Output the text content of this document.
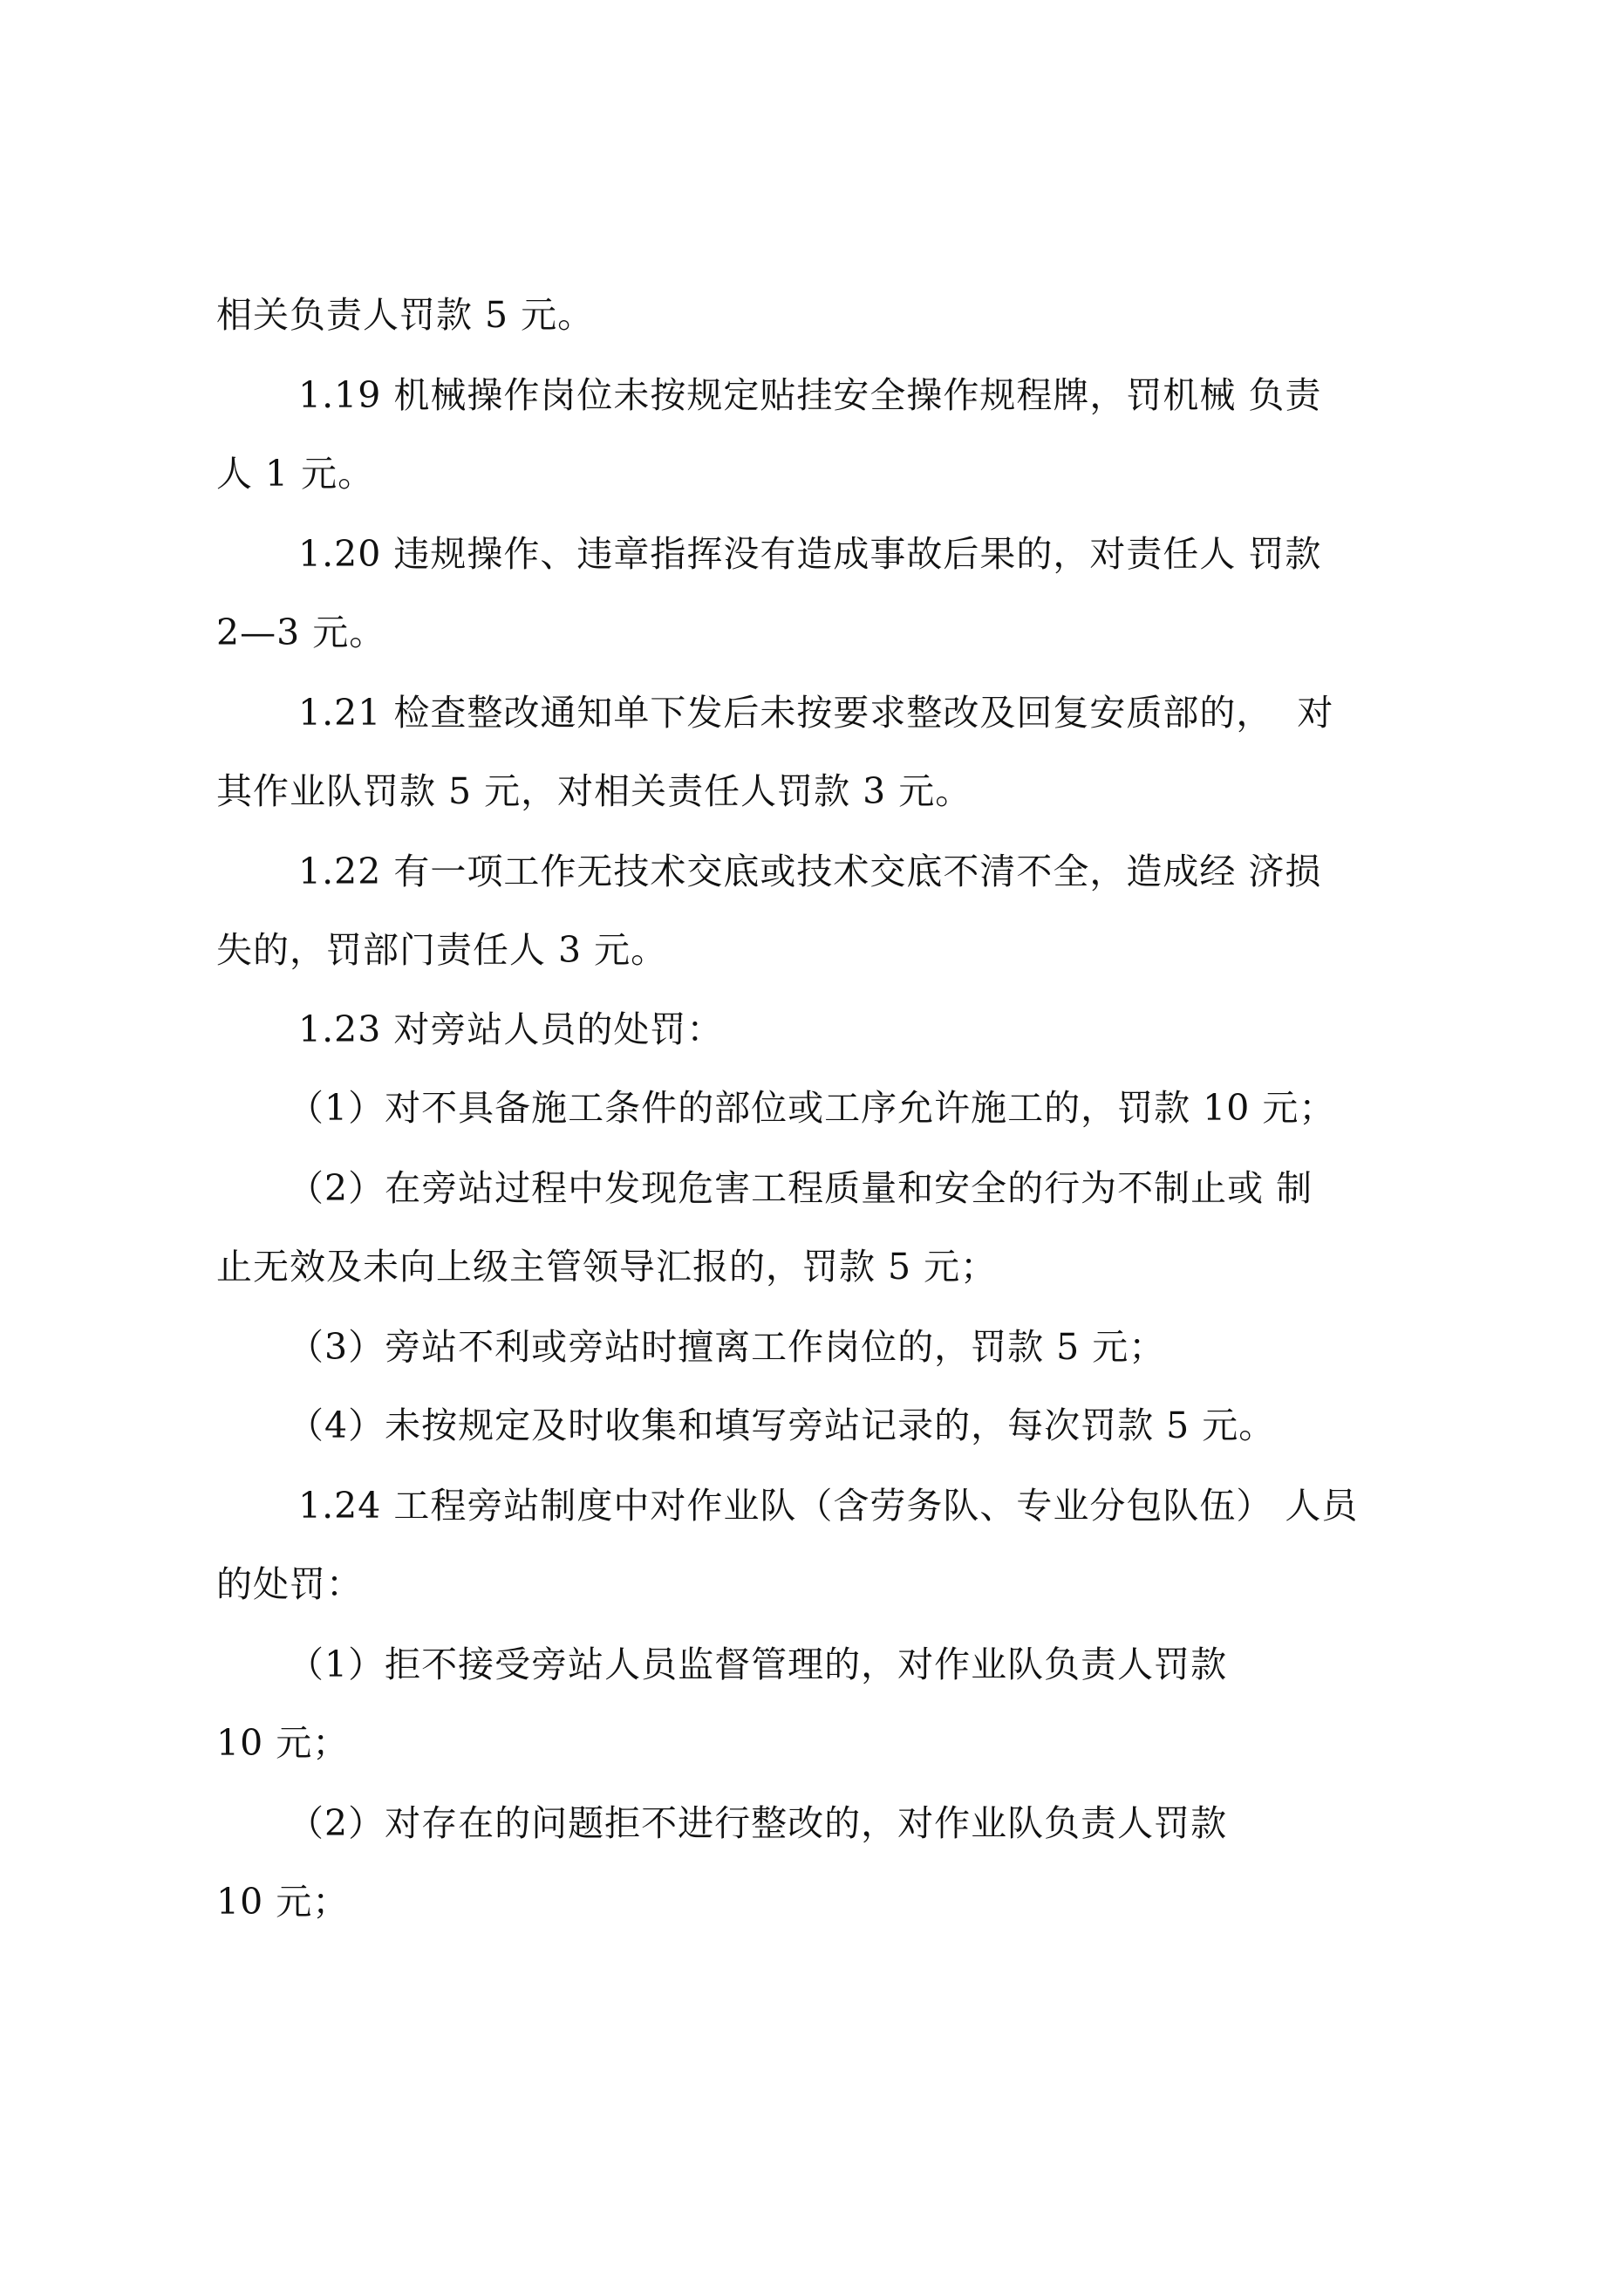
相关负责人罚款 5 元。
1.19 机械操作岗位未按规定贴挂安全操作规程牌，罚机械 负责
人 1 元。
1.20 违规操作、违章指挥没有造成事故后果的，对责任人 罚款
2—3 元。
1.21 检查整改通知单下发后未按要求整改及回复安质部的，  对
其作业队罚款 5 元，对相关责任人罚款 3 元。
1.22 有一项工作无技术交底或技术交底不清不全，造成经 济损
失的，罚部门责任人 3 元。
1.23 对旁站人员的处罚：
（1）对不具备施工条件的部位或工序允许施工的，罚款 10 元；
（2）在旁站过程中发现危害工程质量和安全的行为不制止或 制
止无效及未向上级主管领导汇报的，罚款 5 元；
（3）旁站不利或旁站时擅离工作岗位的，罚款 5 元；
（4）未按规定及时收集和填写旁站记录的，每次罚款 5 元。
1.24 工程旁站制度中对作业队（含劳务队、专业分包队伍） 人员
的处罚：
（1）拒不接受旁站人员监督管理的，对作业队负责人罚款
10 元；
（2）对存在的问题拒不进行整改的，对作业队负责人罚款
10 元；
